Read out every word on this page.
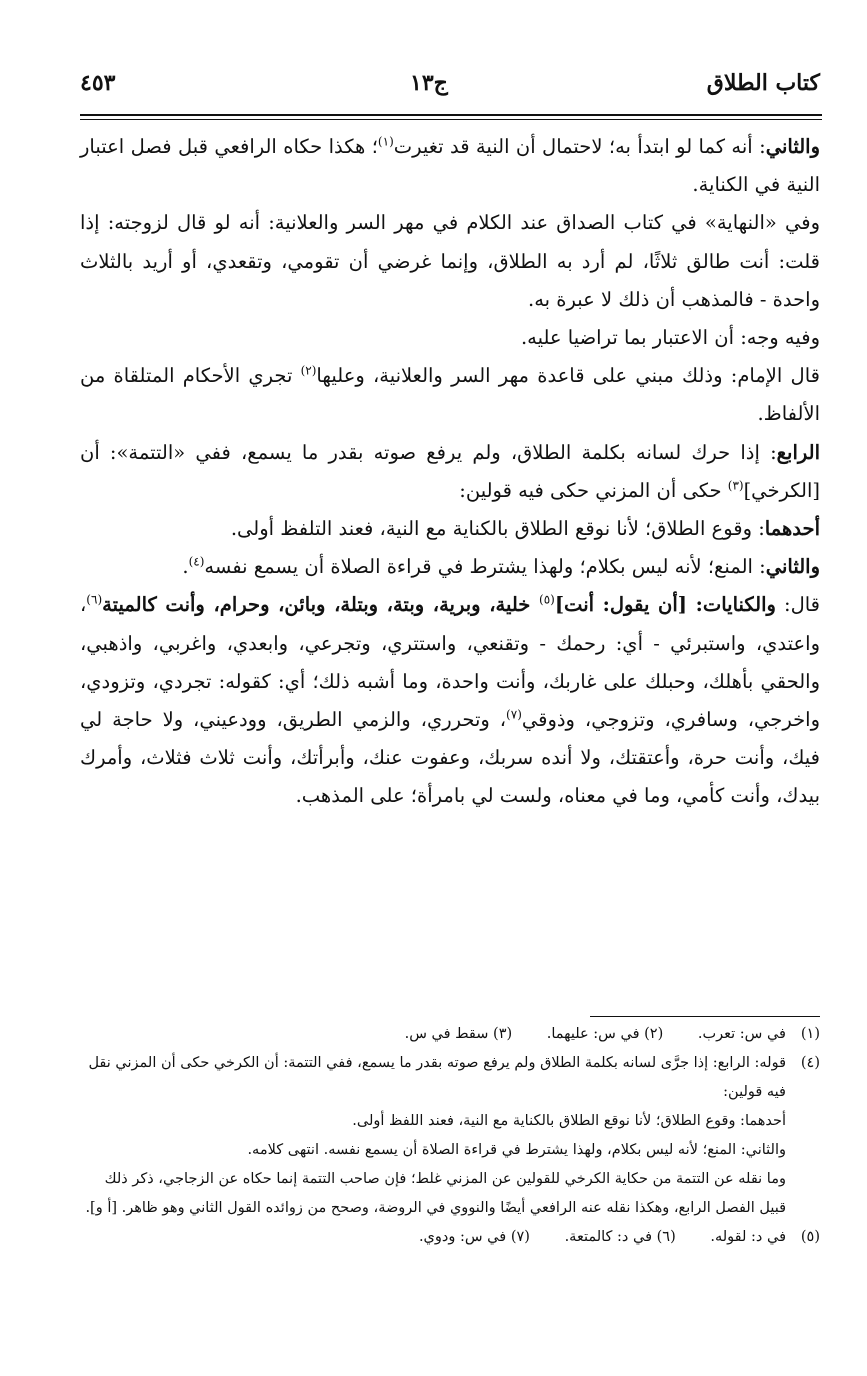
كتاب الطلاق
ج١٣
٤٥٣

والثاني: أنه كما لو ابتدأ به؛ لاحتمال أن النية قد تغيرت$^{(١)}$؛ هكذا حكاه الرافعي قبل فصل اعتبار النية في الكناية.

وفي «النهاية» في كتاب الصداق عند الكلام في مهر السر والعلانية: أنه لو قال لزوجته: إذا قلت: أنت طالق ثلاثًا، لم أرد به الطلاق، وإنما غرضي أن تقومي، وتقعدي، أو أريد بالثلاث واحدة - فالمذهب أن ذلك لا عبرة به.

وفيه وجه: أن الاعتبار بما تراضيا عليه.

قال الإمام: وذلك مبني على قاعدة مهر السر والعلانية، وعليها$^{(٢)}$ تجري الأحكام المتلقاة من الألفاظ.

الرابع: إذا حرك لسانه بكلمة الطلاق، ولم يرفع صوته بقدر ما يسمع، ففي «التتمة»: أن [الكرخي]$^{(٣)}$ حكى أن المزني حكى فيه قولين:

أحدهما: وقوع الطلاق؛ لأنا نوقع الطلاق بالكناية مع النية، فعند التلفظ أولى.

والثاني: المنع؛ لأنه ليس بكلام؛ ولهذا يشترط في قراءة الصلاة أن يسمع نفسه$^{(٤)}$.

قال: والكنايات: [أن يقول: أنت]$^{(٥)}$ خلية، وبرية، وبتة، وبتلة، وبائن، وحرام، وأنت كالميتة$^{(٦)}$، واعتدي، واستبرئي - أي: رحمك - وتقنعي، واستتري، وتجرعي، وابعدي، واغربي، واذهبي، والحقي بأهلك، وحبلك على غاربك، وأنت واحدة، وما أشبه ذلك؛ أي: كقوله: تجردي، وتزودي، واخرجي، وسافري، وتزوجي، وذوقي$^{(٧)}$، وتحرري، والزمي الطريق، وودعيني، ولا حاجة لي فيك، وأنت حرة، وأعتقتك، ولا أنده سربك، وعفوت عنك، وأبرأتك، وأنت ثلاث فثلاث، وأمرك بيدك، وأنت كأمي، وما في معناه، ولست لي بامرأة؛ على المذهب.

(١)
في س: تعرب. (٢) في س: عليهما. (٣) سقط في س.
(٤)

قوله: الرابع: إذا جرَّى لسانه بكلمة الطلاق ولم يرفع صوته بقدر ما يسمع، ففي التتمة: أن الكرخي حكى أن المزني نقل فيه قولين:

أحدهما: وقوع الطلاق؛ لأنا نوقع الطلاق بالكناية مع النية، فعند اللفظ أولى.

والثاني: المنع؛ لأنه ليس بكلام، ولهذا يشترط في قراءة الصلاة أن يسمع نفسه. انتهى كلامه.

وما نقله عن التتمة من حكاية الكرخي للقولين عن المزني غلط؛ فإن صاحب التتمة إنما حكاه عن الزجاجي، ذكر ذلك قبيل الفصل الرابع، وهكذا نقله عنه الرافعي أيضًا والنووي في الروضة، وصحح من زوائده القول الثاني وهو ظاهر. [أ و].

(٥)
في د: لقوله. (٦) في د: كالمتعة. (٧) في س: ودوي.
